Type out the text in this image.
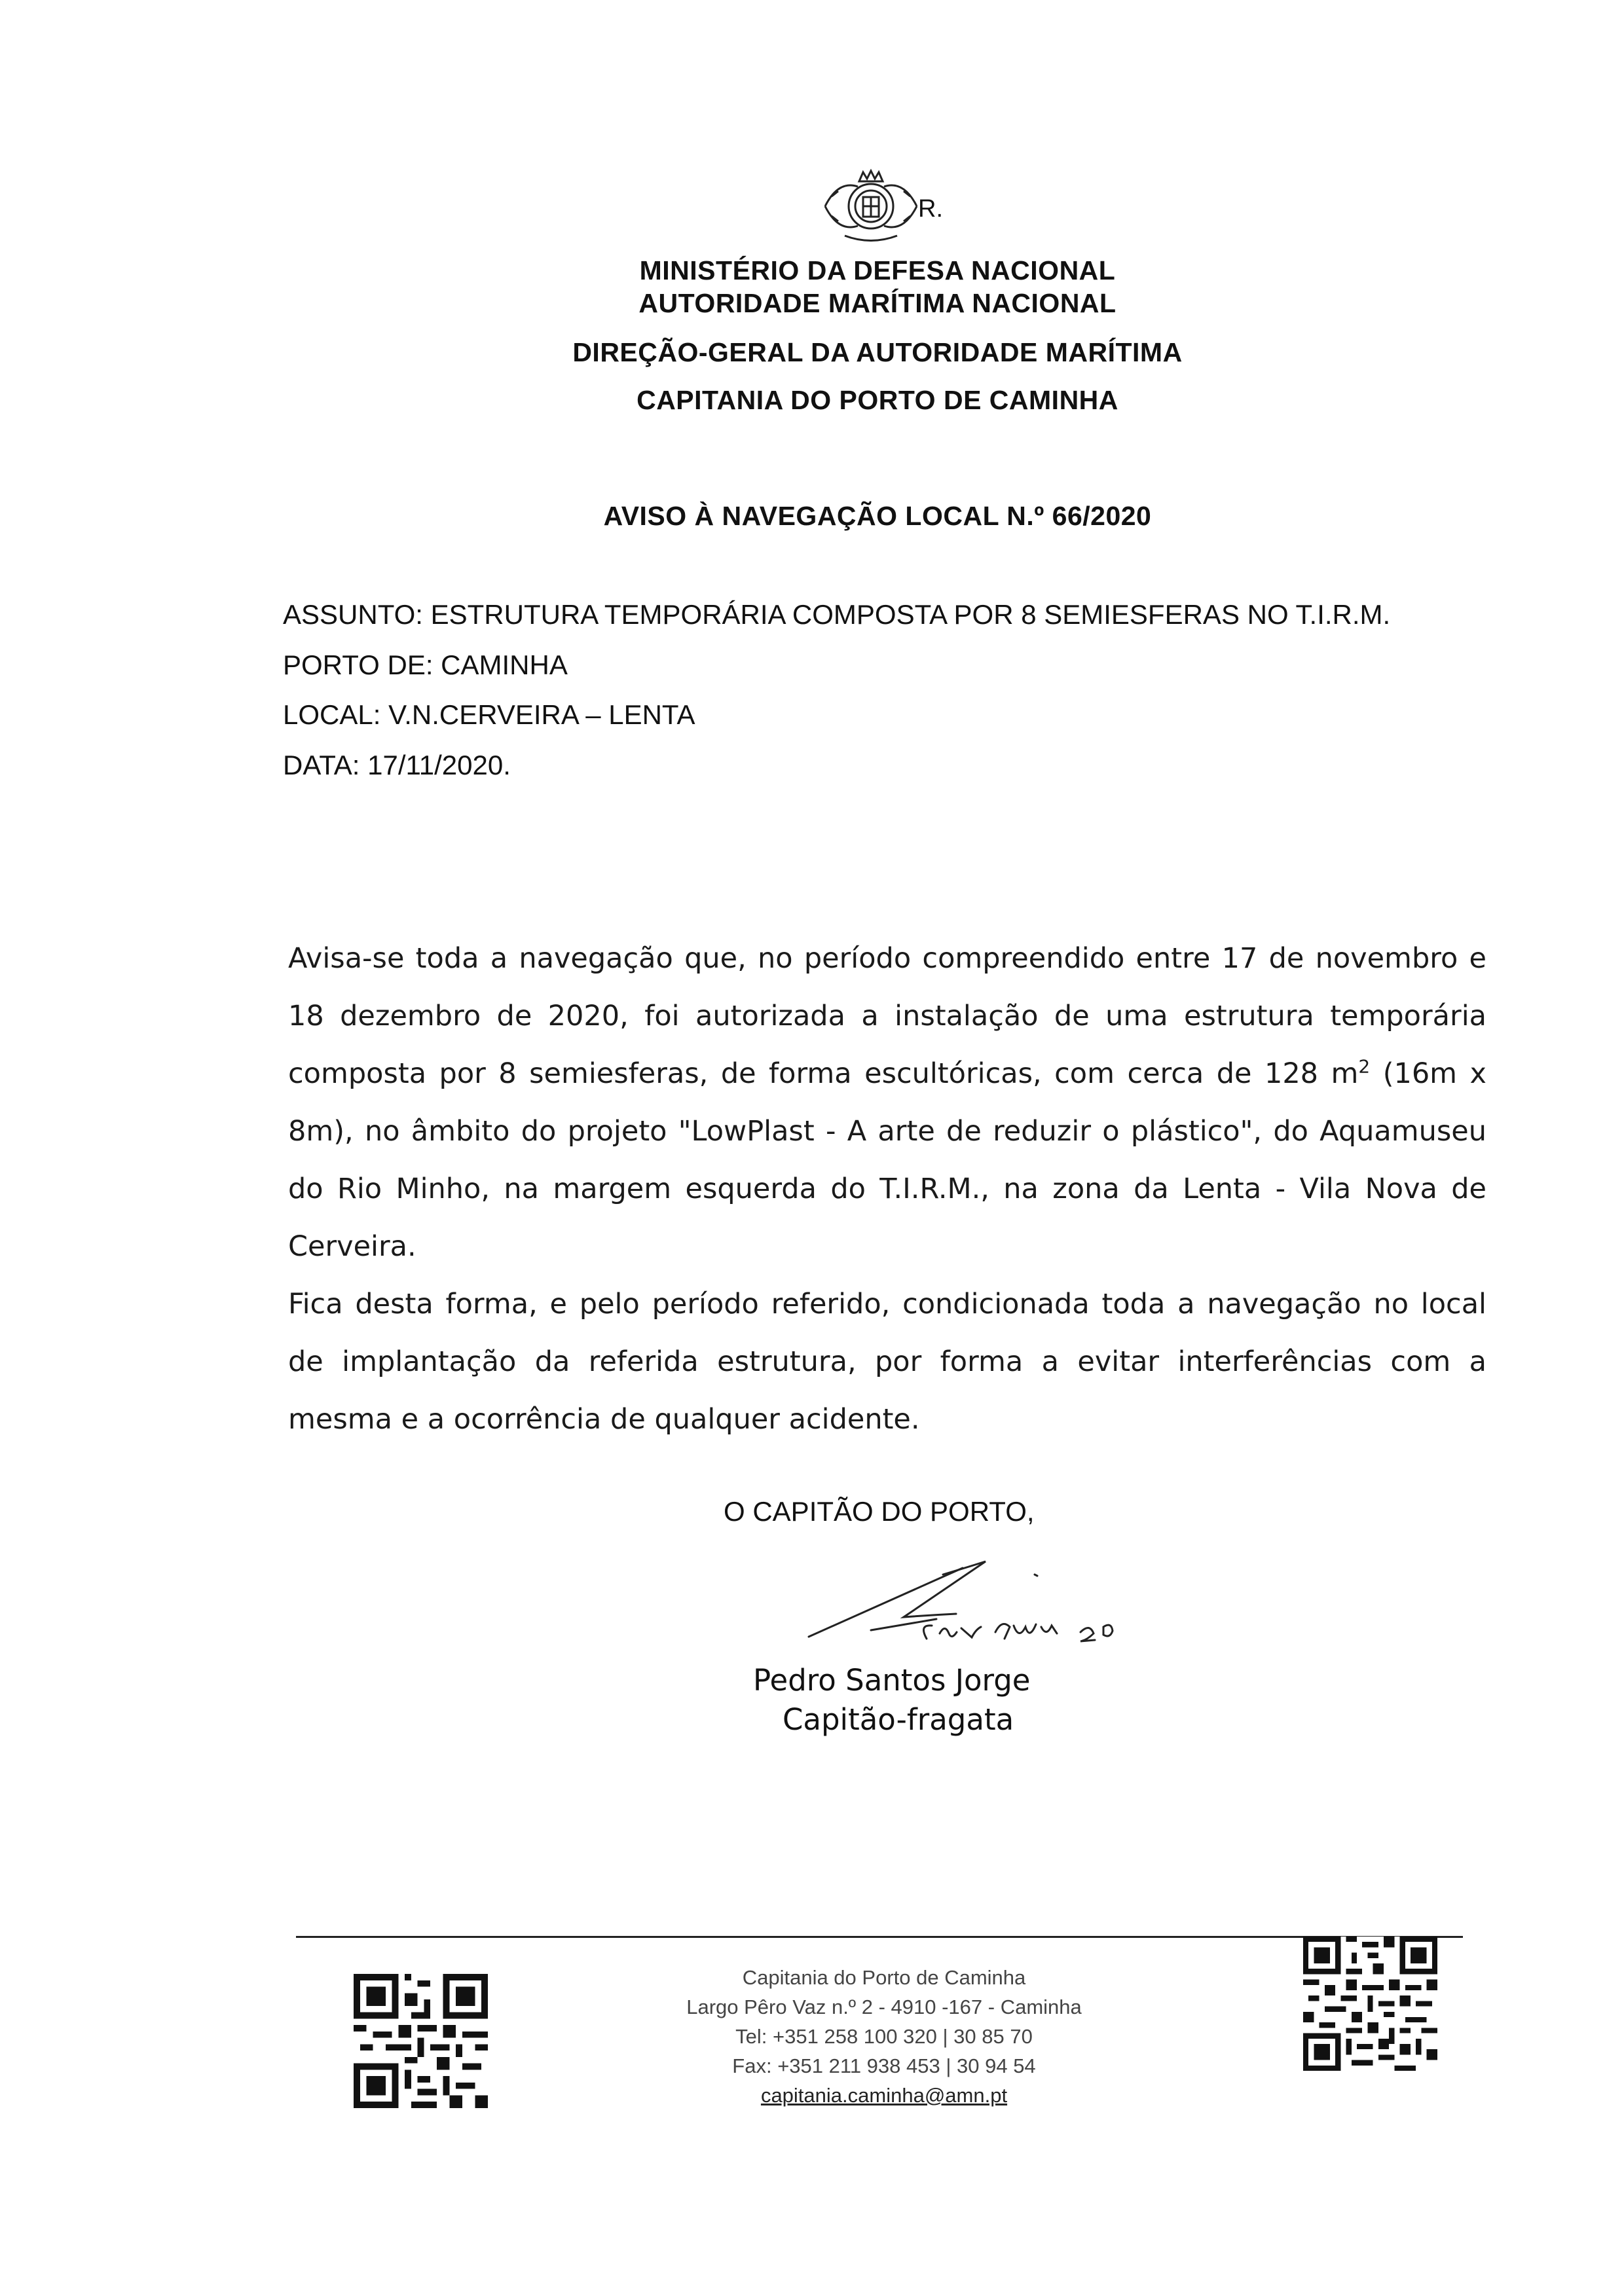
R.
MINISTÉRIO DA DEFESA NACIONAL
AUTORIDADE MARÍTIMA NACIONAL
DIREÇÃO-GERAL DA AUTORIDADE MARÍTIMA
CAPITANIA DO PORTO DE CAMINHA
AVISO À NAVEGAÇÃO LOCAL N.º 66/2020
ASSUNTO: ESTRUTURA TEMPORÁRIA COMPOSTA POR 8 SEMIESFERAS NO T.I.R.M.
PORTO DE: CAMINHA
LOCAL: V.N.CERVEIRA – LENTA
DATA: 17/11/2020.

Avisa-se toda a navegação que, no período compreendido entre 17 de novembro e 18 dezembro de 2020, foi autorizada a instalação de uma estrutura temporária composta por 8 semiesferas, de forma escultóricas, com cerca de 128 $m^2$ (16m x 8m), no âmbito do projeto "LowPlast - A arte de reduzir o plástico", do Aquamuseu do Rio Minho, na margem esquerda do T.I.R.M., na zona da Lenta - Vila Nova de Cerveira.

Fica desta forma, e pelo período referido, condicionada toda a navegação no local de implantação da referida estrutura, por forma a evitar interferências com a mesma e a ocorrência de qualquer acidente.

O CAPITÃO DO PORTO,
Pedro Santos Jorge
Capitão-fragata
Capitania do Porto de Caminha
Largo Pêro Vaz n.º 2 - 4910 -167 - Caminha
Tel: +351 258 100 320 | 30 85 70
Fax: +351 211 938 453 | 30 94 54
capitania.caminha@amn.pt
